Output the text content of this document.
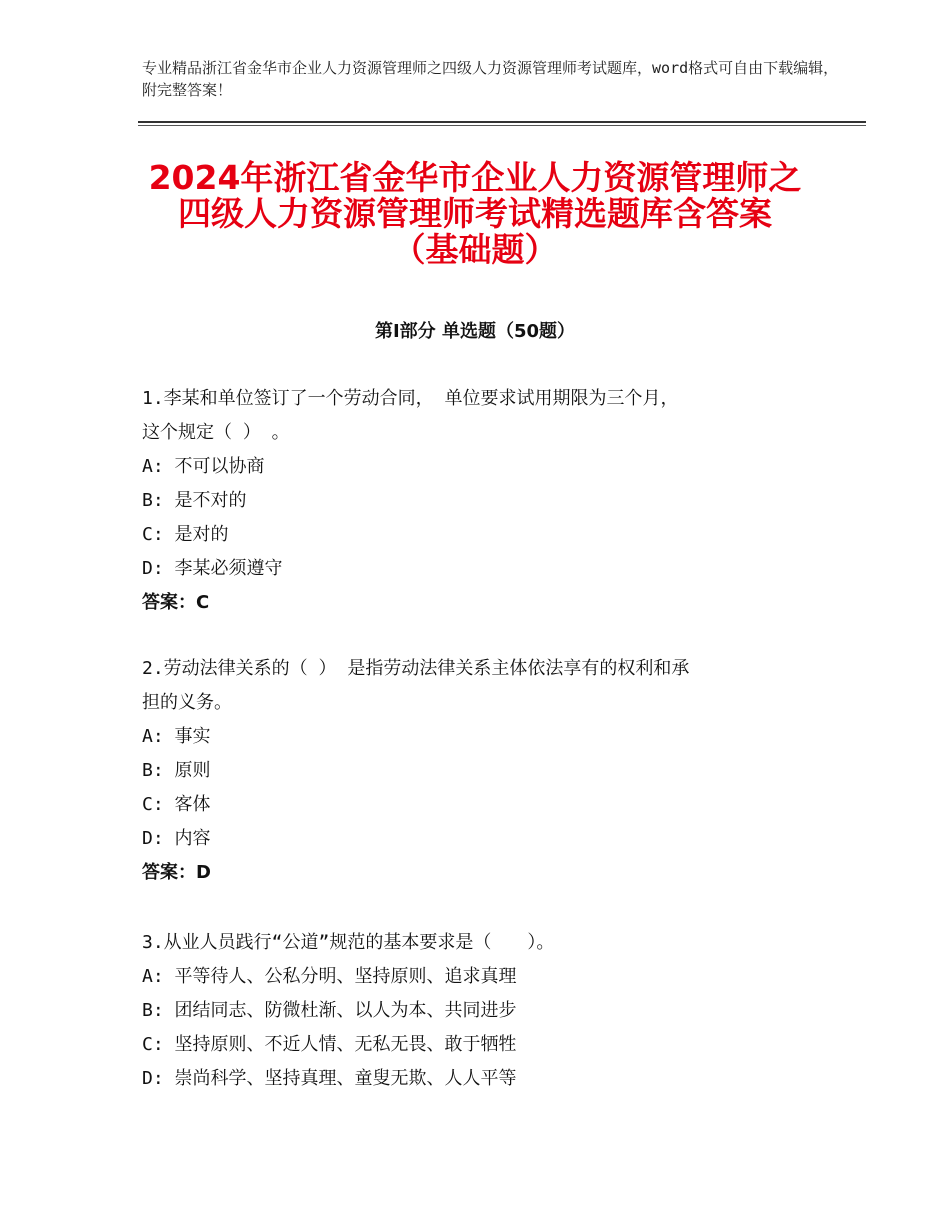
专业精品浙江省金华市企业人力资源管理师之四级人力资源管理师考试题库，word格式可自由下载编辑，附完整答案！
2024年浙江省金华市企业人力资源管理师之
四级人力资源管理师考试精选题库含答案
（基础题）
第Ⅰ部分 单选题（50题）

1.李某和单位签订了一个劳动合同， 单位要求试用期限为三个月，

这个规定（ ） 。

A: 不可以协商

B: 是不对的

C: 是对的

D: 李某必须遵守

答案：C

2.劳动法律关系的（ ） 是指劳动法律关系主体依法享有的权利和承

担的义务。

A: 事实

B: 原则

C: 客体

D: 内容

答案：D

3.从业人员践行“公道”规范的基本要求是（　　）。

A: 平等待人、公私分明、坚持原则、追求真理

B: 团结同志、防微杜渐、以人为本、共同进步

C: 坚持原则、不近人情、无私无畏、敢于牺牲

D: 崇尚科学、坚持真理、童叟无欺、人人平等
